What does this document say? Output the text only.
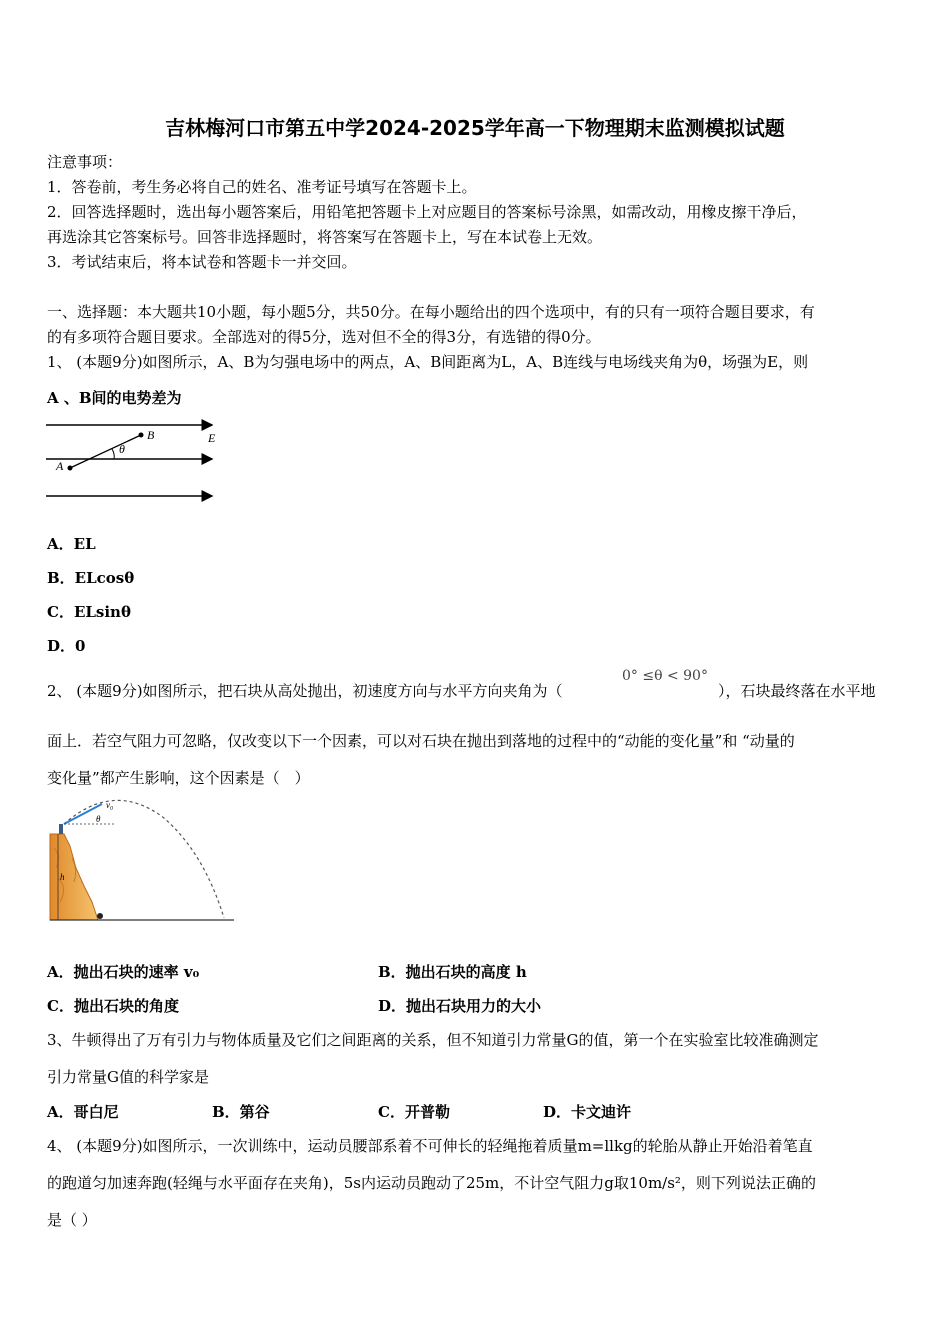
吉林梅河口市第五中学2024-2025学年高一下物理期末监测模拟试题
注意事项：
1．答卷前，考生务必将自己的姓名、准考证号填写在答题卡上。
2．回答选择题时，选出每小题答案后，用铅笔把答题卡上对应题目的答案标号涂黑，如需改动，用橡皮擦干净后，
再选涂其它答案标号。回答非选择题时，将答案写在答题卡上，写在本试卷上无效。
3．考试结束后，将本试卷和答题卡一并交回。
一、选择题：本大题共10小题，每小题5分，共50分。在每小题给出的四个选项中，有的只有一项符合题目要求，有
的有多项符合题目要求。全部选对的得5分，选对但不全的得3分，有选错的得0分。
1、 (本题9分)如图所示，A、B为匀强电场中的两点，A、B间距离为L，A、B连线与电场线夹角为θ，场强为E，则
A 、B间的电势差为
A
B	E
θ
A．EL
B．ELcosθ
C．ELsinθ
D．0
2、 (本题9分)如图所示，把石块从高处抛出，初速度方向与水平方向夹角为（
0° ≤θ < 90°
），石块最终落在水平地
面上．若空气阻力可忽略，仅改变以下一个因素，可以对石块在抛出到落地的过程中的“动能的变化量”和 “动量的
变化量”都产生影响，这个因素是（　）
v₀
θ
h
A．抛出石块的速率 v₀	B．抛出石块的高度 h
C．抛出石块的角度	D．抛出石块用力的大小
3、牛顿得出了万有引力与物体质量及它们之间距离的关系，但不知道引力常量G的值，第一个在实验室比较准确测定
引力常量G值的科学家是
A．哥白尼	B．第谷	C．开普勒	D．卡文迪许
4、 (本题9分)如图所示，一次训练中，运动员腰部系着不可伸长的轻绳拖着质量m=llkg的轮胎从静止开始沿着笔直
的跑道匀加速奔跑(轻绳与水平面存在夹角)，5s内运动员跑动了25m，不计空气阻力g取10m/s²，则下列说法正确的
是（ ）
